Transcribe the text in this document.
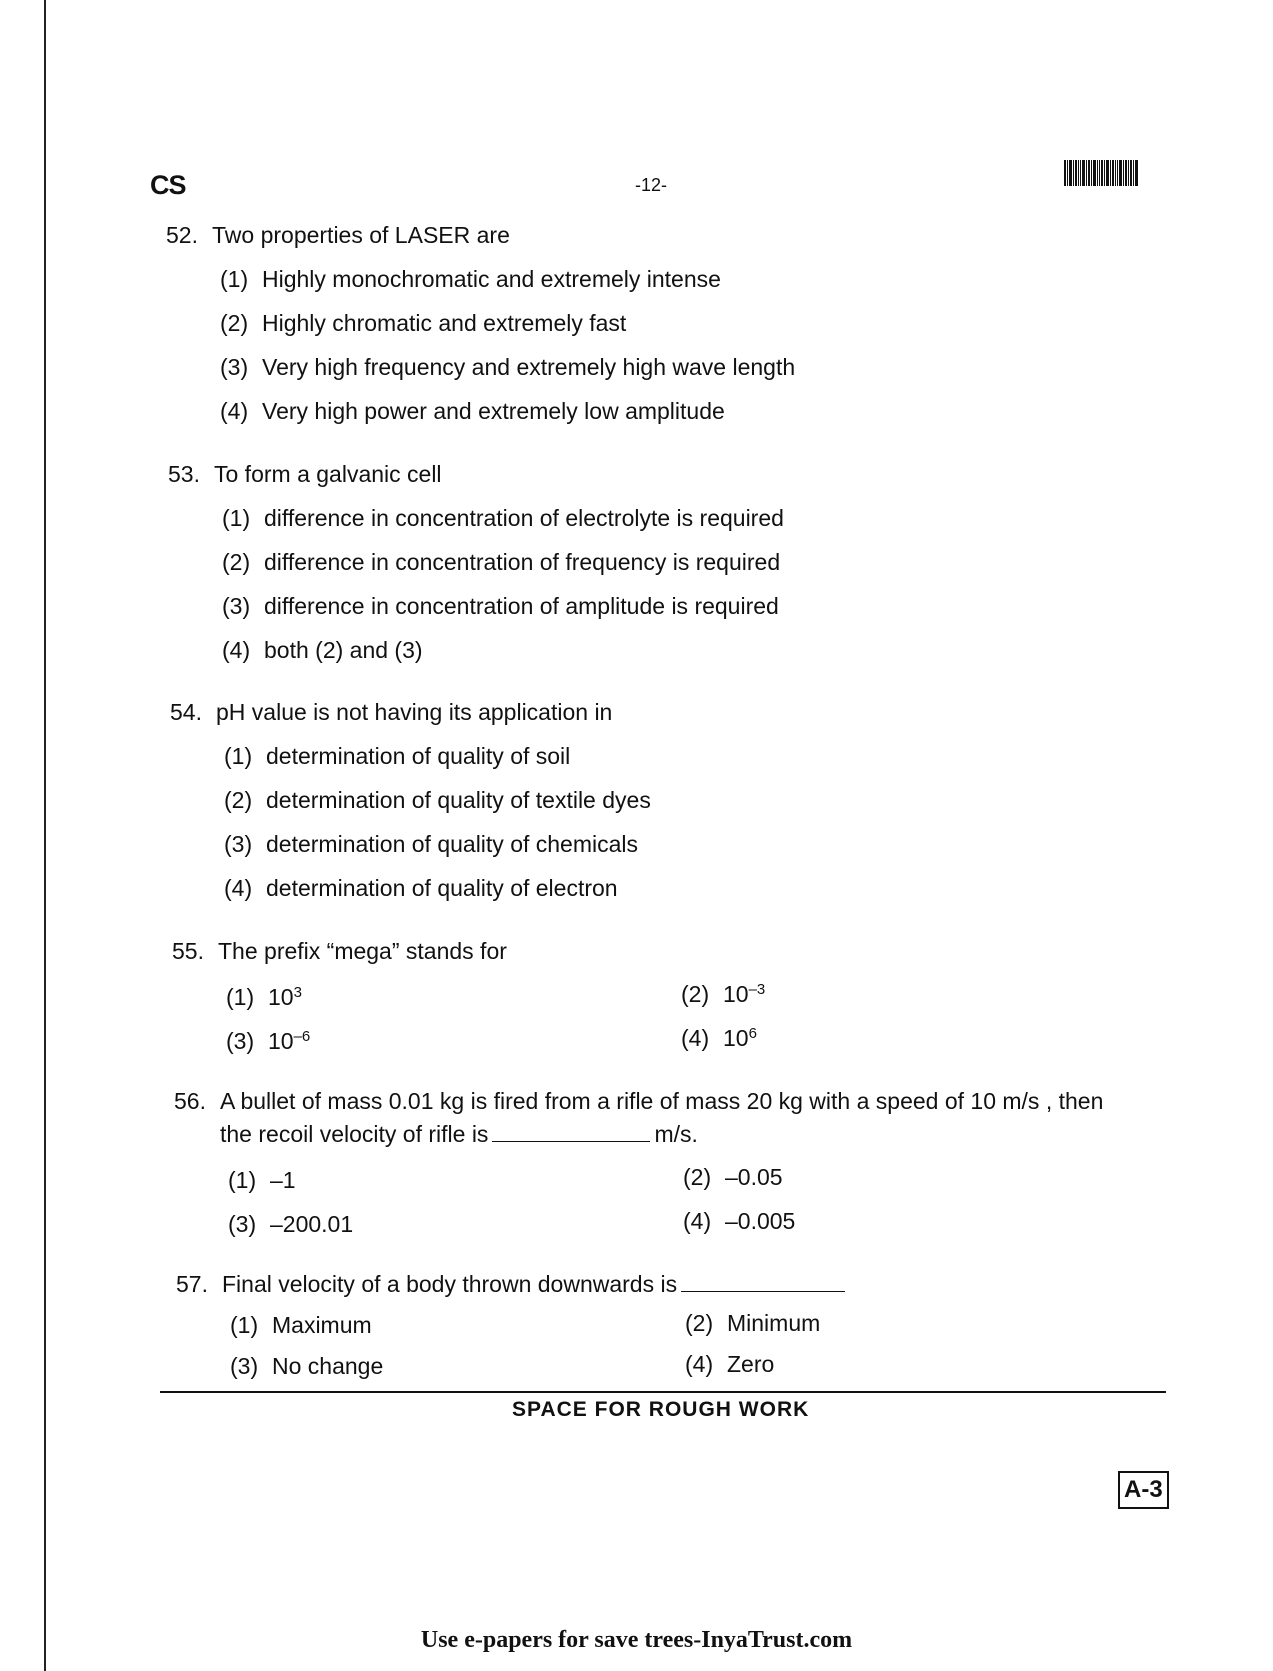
CS	-12-
52. Two properties of LASER are
(1) Highly monochromatic and extremely intense
(2) Highly chromatic and extremely fast
(3) Very high frequency and extremely high wave length
(4) Very high power and extremely low amplitude
53. To form a galvanic cell
(1) difference in concentration of electrolyte is required
(2) difference in concentration of frequency is required
(3) difference in concentration of amplitude is required
(4) both (2) and (3)
54. pH value is not having its application in
(1) determination of quality of soil
(2) determination of quality of textile dyes
(3) determination of quality of chemicals
(4) determination of quality of electron
55. The prefix “mega” stands for
(1) $10^3$	(2) $10^{-3}$
(3) $10^{-6}$	(4) $10^6$
56. A bullet of mass 0.01 kg is fired from a rifle of mass 20 kg with a speed of 10 m/s , then
the recoil velocity of rifle is	m/s.
(1) –1	(2) –0.05
(3) –200.01	(4) –0.005
57. Final velocity of a body thrown downwards is
(1) Maximum	(2) Minimum
(3) No change	(4) Zero
SPACE FOR ROUGH WORK
A-3
Use e-papers for save trees-InyaTrust.com
